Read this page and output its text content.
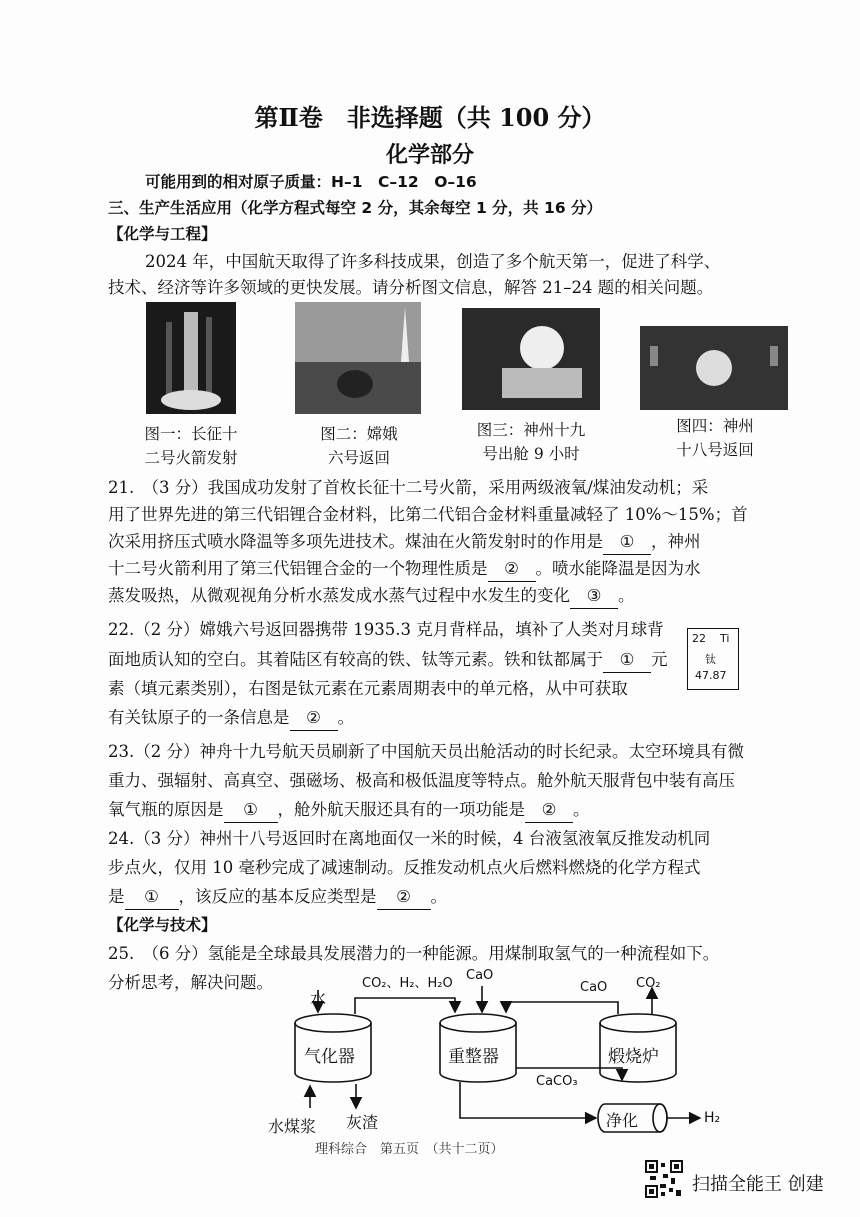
第Ⅱ卷　非选择题（共 100 分）
化学部分
可能用到的相对原子质量：H–1　C–12　O–16
三、生产生活应用（化学方程式每空 2 分，其余每空 1 分，共 16 分）
【化学与工程】
2024 年，中国航天取得了许多科技成果，创造了多个航天第一，促进了科学、
技术、经济等许多领域的更快发展。请分析图文信息，解答 21–24 题的相关问题。
图一：长征十
二号火箭发射
图二：嫦娥
六号返回
图三：神州十九
号出舱 9 小时
图四：神州
十八号返回
21.　（3 分）我国成功发射了首枚长征十二号火箭，采用两级液氧/煤油发动机；采
用了世界先进的第三代铝锂合金材料，比第二代铝合金材料重量减轻了 10%～15%；首
次采用挤压式喷水降温等多项先进技术。煤油在火箭发射时的作用是 ① ，神州
十二号火箭利用了第三代铝锂合金的一个物理性质是 ② 。喷水能降温是因为水
蒸发吸热，从微观视角分析水蒸发成水蒸气过程中水发生的变化 ③ 。
22.（2 分）嫦娥六号返回器携带 1935.3 克月背样品，填补了人类对月球背
面地质认知的空白。其着陆区有较高的铁、钛等元素。铁和钛都属于 ① 元
素（填元素类别），右图是钛元素在元素周期表中的单元格，从中可获取
有关钛原子的一条信息是 ② 。
22 Ti
钛
47.87
23.（2 分）神舟十九号航天员刷新了中国航天员出舱活动的时长纪录。太空环境具有微
重力、强辐射、高真空、强磁场、极高和极低温度等特点。舱外航天服背包中装有高压
氧气瓶的原因是 ① ，舱外航天服还具有的一项功能是 ② 。
24.（3 分）神州十八号返回时在离地面仅一米的时候，4 台液氢液氧反推发动机同
步点火，仅用 10 毫秒完成了减速制动。反推发动机点火后燃料燃烧的化学方程式
是 ① ，该反应的基本反应类型是 ② 。
【化学与技术】
25.　（6 分）氢能是全球最具发展潜力的一种能源。用煤制取氢气的一种流程如下。
分析思考，解决问题。
水
CO₂、H₂、H₂O
CaO
CaO CO₂
气化器	重整器	煅烧炉
CaCO₃
净化	H₂
水煤浆 灰渣
理科综合　第五页　（共十二页）
扫描全能王 创建
